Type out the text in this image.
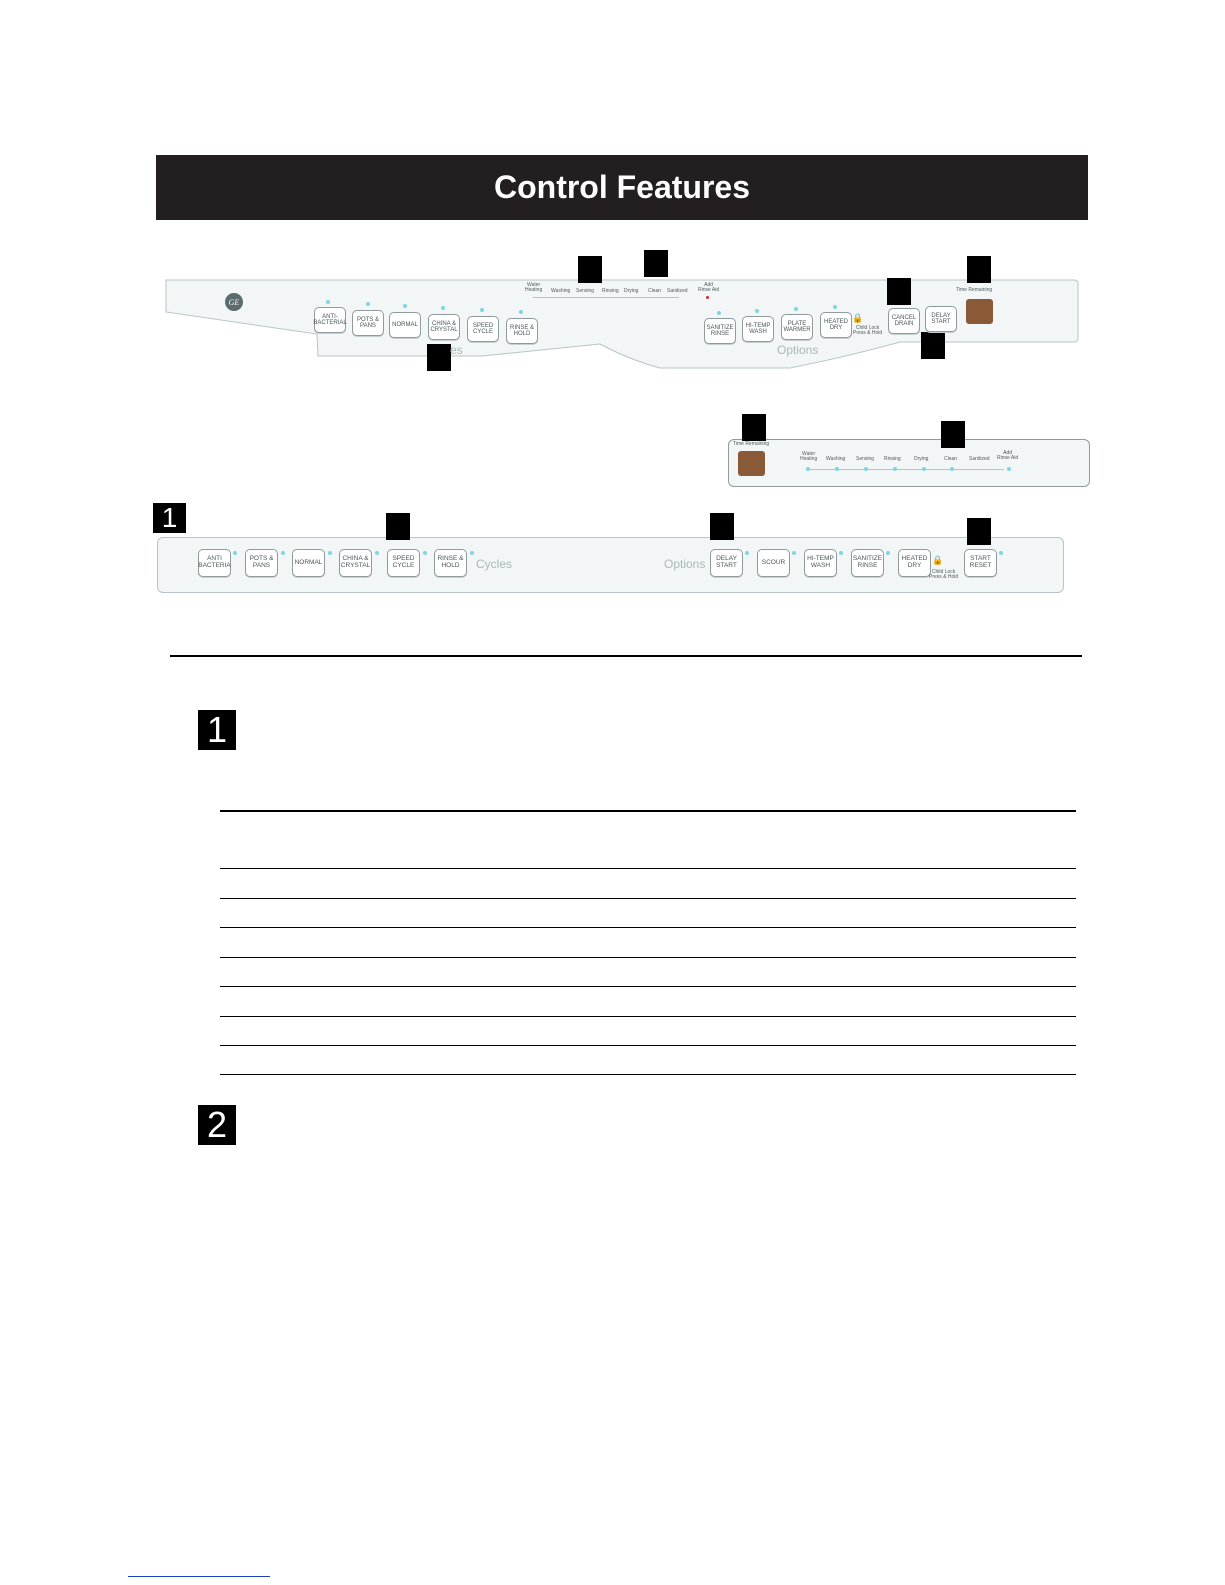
Control Features
GE
Water
Heating Washing Sensing Rinsing Drying Clean Sanitized
Add
Rinse Aid
ANTI-
BACTERIAL
POTS &
PANS	NORMAL	CHINA &
CRYSTAL
SPEED
CYCLE
RINSE &
HOLD
es
SANITIZE
RINSE
HI-TEMP
WASH
PLATE
WARMER
HEATED
DRY
🔒
Child Lock
Press & Hold
Options
CANCEL
DRAIN
DELAY
START
Time Remaining
Time Remaining
Water
Heating Washing Sensing Rinsing	Drying	Clean Sanitized
Add
Rinse Aid
1
ANTI
BACTERIA
POTS &
PANS	NORMAL	CHINA &
CRYSTAL
SPEED
CYCLE
RINSE &
HOLD	Cycles	Options	DELAY
START	SCOUR	HI-TEMP
WASH
SANITIZE
RINSE
HEATED
DRY
🔒
Child Lock
Press & Hold
START
RESET
1
2
